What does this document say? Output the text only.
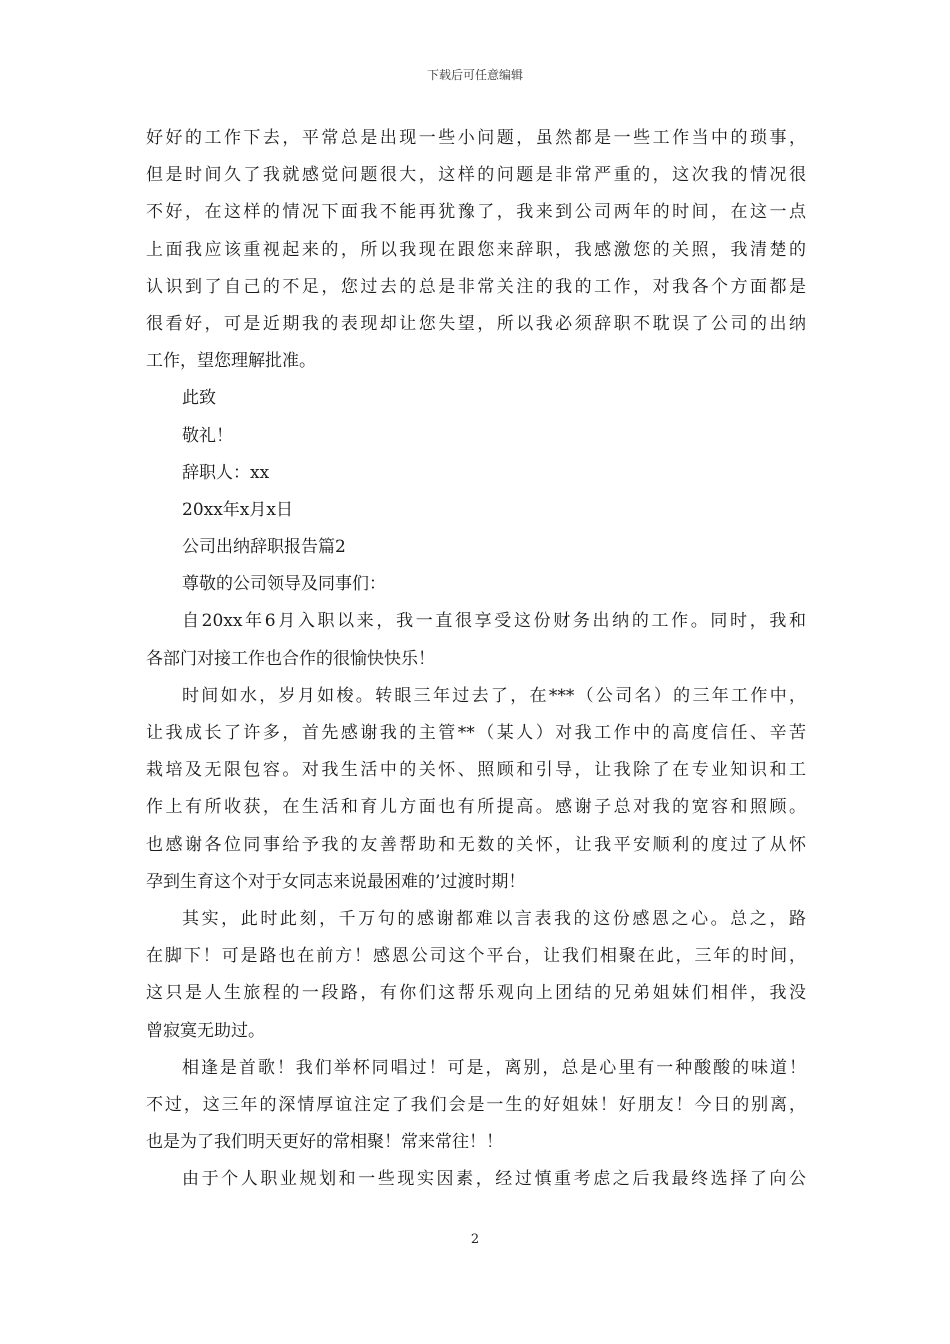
下载后可任意编辑
好好的工作下去，平常总是出现一些小问题，虽然都是一些工作当中的琐事，
但是时间久了我就感觉问题很大，这样的问题是非常严重的，这次我的情况很
不好，在这样的情况下面我不能再犹豫了，我来到公司两年的时间，在这一点
上面我应该重视起来的，所以我现在跟您来辞职，我感激您的关照，我清楚的
认识到了自己的不足，您过去的总是非常关注的我的工作，对我各个方面都是
很看好，可是近期我的表现却让您失望，所以我必须辞职不耽误了公司的出纳
工作，望您理解批准。
此致
敬礼！
辞职人：xx
20xx年x月x日
公司出纳辞职报告篇2
尊敬的公司领导及同事们：
自20xx年6月入职以来，我一直很享受这份财务出纳的工作。同时，我和
各部门对接工作也合作的很愉快快乐！
时间如水，岁月如梭。转眼三年过去了，在***（公司名）的三年工作中，
让我成长了许多，首先感谢我的主管**（某人）对我工作中的高度信任、辛苦
栽培及无限包容。对我生活中的关怀、照顾和引导，让我除了在专业知识和工
作上有所收获，在生活和育儿方面也有所提高。感谢子总对我的宽容和照顾。
也感谢各位同事给予我的友善帮助和无数的关怀，让我平安顺利的度过了从怀
孕到生育这个对于女同志来说最困难的’过渡时期！
其实，此时此刻，千万句的感谢都难以言表我的这份感恩之心。总之，路
在脚下！可是路也在前方！感恩公司这个平台，让我们相聚在此，三年的时间，
这只是人生旅程的一段路，有你们这帮乐观向上团结的兄弟姐妹们相伴，我没
曾寂寞无助过。
相逢是首歌！我们举杯同唱过！可是，离别，总是心里有一种酸酸的味道！
不过，这三年的深情厚谊注定了我们会是一生的好姐妹！好朋友！今日的别离，
也是为了我们明天更好的常相聚！常来常往！！
由于个人职业规划和一些现实因素，经过慎重考虑之后我最终选择了向公
2
